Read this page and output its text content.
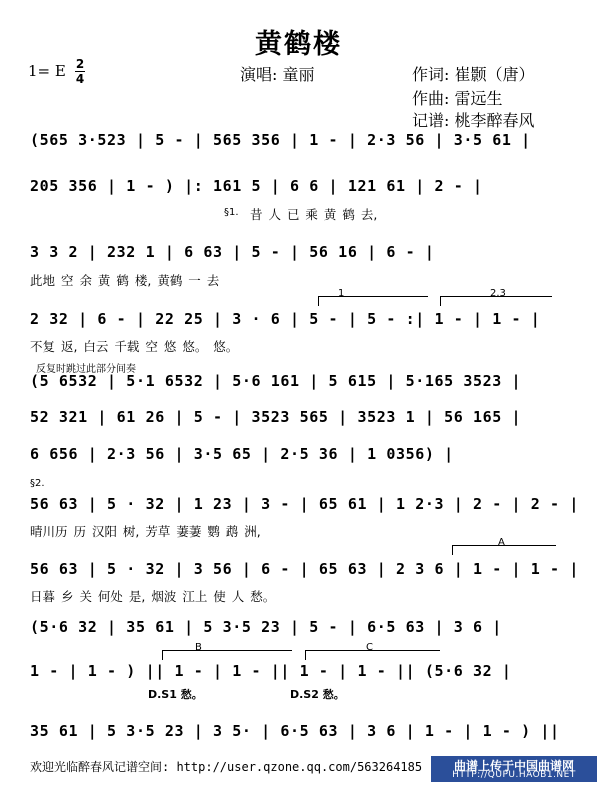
黄鹤楼
1= E 2
4	演唱: 童丽	作词: 崔颢（唐）
作曲: 雷远生
记谱: 桃李醉春风
(565 3·523 | 5 - | 565 356 | 1 - | 2·3 56 | 3·5 61 |
205 356 | 1 - ) |: 161 5 | 6 6 | 121 61 | 2 - |
§1. 昔 人 已 乘 黄 鹤 去,
3 3 2 | 232 1 | 6 63 | 5 - | 56 16 | 6 - |
此地 空 余 黄 鹤 楼, 黄鹤 一 去
1	2.3
2 32 | 6 - | 22 25 | 3 · 6 | 5 - | 5 - :| 1 - | 1 - |
不复 返, 白云 千载 空 悠 悠。 悠。
反复时跳过此部分间奏
(5 6532 | 5·1 6532 | 5·6 161 | 5 615 | 5·165 3523 |
52 321 | 61 26 | 5 - | 3523 565 | 3523 1 | 56 165 |
6 656 | 2·3 56 | 3·5 65 | 2·5 36 | 1 0356) |
§2.
56 63 | 5 · 32 | 1 23 | 3 - | 65 61 | 1 2·3 | 2 - | 2 - |
晴川历 历 汉阳 树, 芳草 萋萋 鹦 鹉 洲,
A
56 63 | 5 · 32 | 3 56 | 6 - | 65 63 | 2 3 6 | 1 - | 1 - |
日暮 乡 关 何处 是, 烟波 江上 使 人 愁。
(5·6 32 | 35 61 | 5 3·5 23 | 5 - | 6·5 63 | 3 6 |
B	C
1 - | 1 - ) || 1 - | 1 - || 1 - | 1 - || (5·6 32 |
D.S1 愁。	D.S2 愁。
35 61 | 5 3·5 23 | 3 5· | 6·5 63 | 3 6 | 1 - | 1 - ) ||
欢迎光临醉春风记谱空间: http://user.qzone.qq.com/563264185	曲谱上传于中国曲谱网
HTTP://QUPU.HAOB1.NET
